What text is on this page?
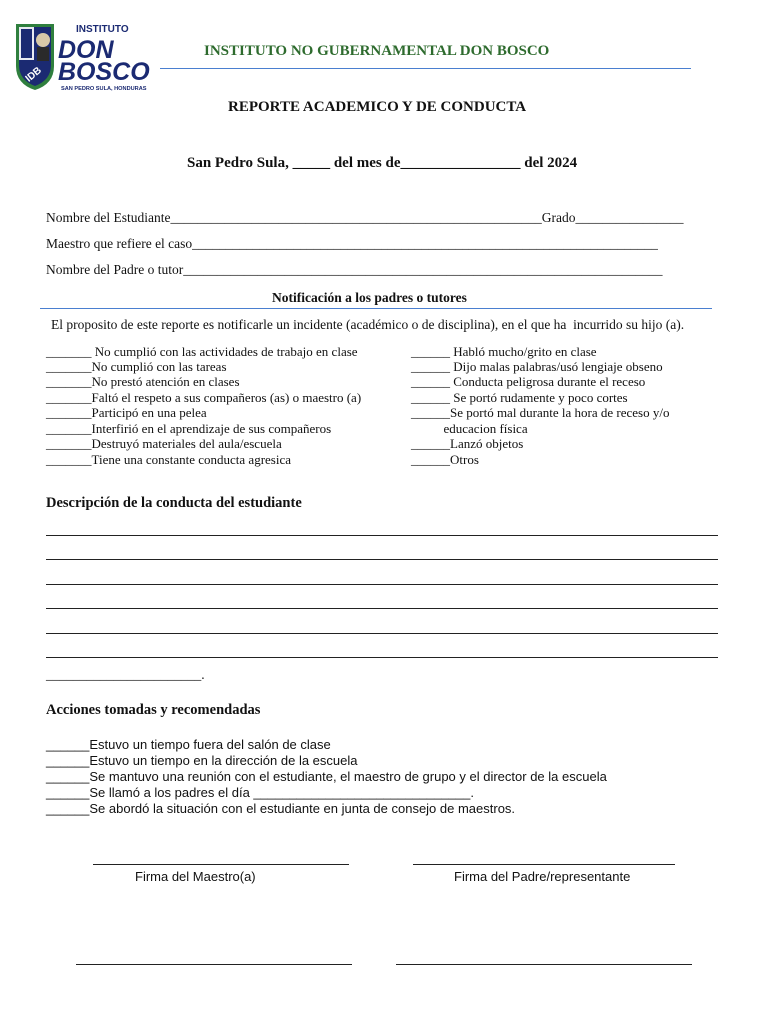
IDB
INSTITUTO
DON
BOSCO
SAN PEDRO SULA, HONDURAS
INSTITUTO NO GUBERNAMENTAL DON BOSCO
REPORTE ACADEMICO Y DE CONDUCTA
San Pedro Sula, _____ del mes de________________ del 2024
Nombre del Estudiante_______________________________________________________Grado________________
Maestro que refiere el caso_____________________________________________________________________
Nombre del Padre o tutor_______________________________________________________________________
Notificación a los padres o tutores
El proposito de este reporte es notificarle un incidente (académico o de disciplina), en el que ha  incurrido su hijo (a).
_______ No cumplió con las actividades de trabajo en clase
_______No cumplió con las tareas
_______No prestó atención en clases
_______Faltó el respeto a sus compañeros (as) o maestro (a)
_______Participó en una pelea
_______Interfirió en el aprendizaje de sus compañeros
_______Destruyó materiales del aula/escuela
_______Tiene una constante conducta agresica
______ Habló mucho/grito en clase
______ Dijo malas palabras/usó lengiaje obseno
______ Conducta peligrosa durante el receso
______ Se portó rudamente y poco cortes
______Se portó mal durante la hora de receso y/o
educacion física
______Lanzó objetos
______Otros
Descripción de la conducta del estudiante
_______________________.
Acciones tomadas y recomendadas
______Estuvo un tiempo fuera del salón de clase
______Estuvo un tiempo en la dirección de la escuela
______Se mantuvo una reunión con el estudiante, el maestro de grupo y el director de la escuela
______Se llamó a los padres el día ______________________________.
______Se abordó la situación con el estudiante en junta de consejo de maestros.
Firma del Maestro(a)	Firma del Padre/representante
